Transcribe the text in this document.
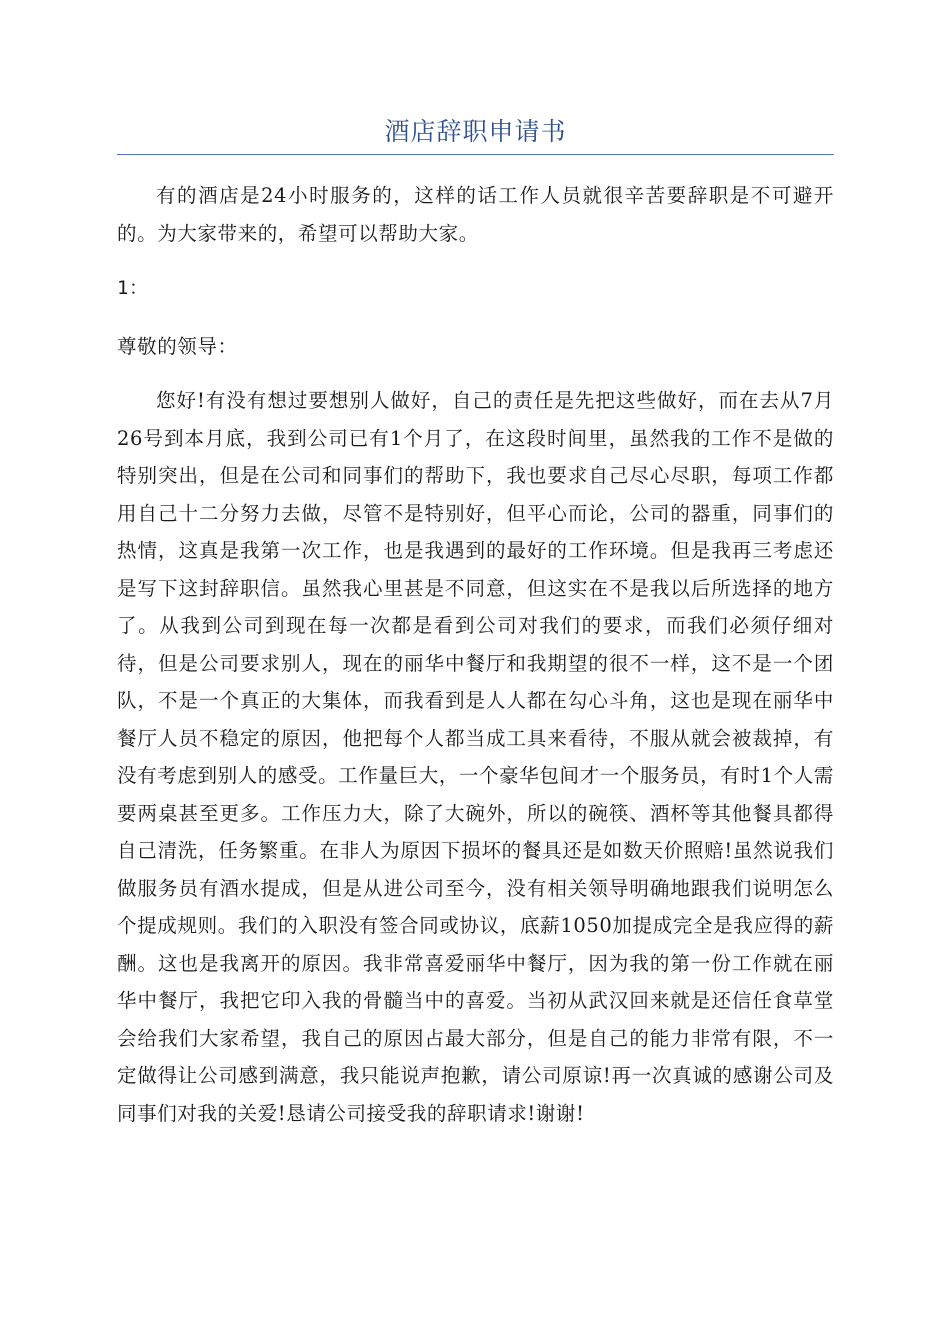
酒店辞职申请书

有的酒店是24小时服务的，这样的话工作人员就很辛苦要辞职是不可避开的。为大家带来的，希望可以帮助大家。

1：

尊敬的领导：

您好!有没有想过要想别人做好，自己的责任是先把这些做好，而在去从7月26号到本月底，我到公司已有1个月了，在这段时间里，虽然我的工作不是做的特别突出，但是在公司和同事们的帮助下，我也要求自己尽心尽职，每项工作都用自己十二分努力去做，尽管不是特别好，但平心而论，公司的器重，同事们的热情，这真是我第一次工作，也是我遇到的最好的工作环境。但是我再三考虑还是写下这封辞职信。虽然我心里甚是不同意，但这实在不是我以后所选择的地方了。从我到公司到现在每一次都是看到公司对我们的要求，而我们必须仔细对待，但是公司要求别人，现在的丽华中餐厅和我期望的很不一样，这不是一个团队，不是一个真正的大集体，而我看到是人人都在勾心斗角，这也是现在丽华中餐厅人员不稳定的原因，他把每个人都当成工具来看待，不服从就会被裁掉，有没有考虑到别人的感受。工作量巨大，一个豪华包间才一个服务员，有时1个人需要两桌甚至更多。工作压力大，除了大碗外，所以的碗筷、酒杯等其他餐具都得自己清洗，任务繁重。在非人为原因下损坏的餐具还是如数天价照赔!虽然说我们做服务员有酒水提成，但是从进公司至今，没有相关领导明确地跟我们说明怎么个提成规则。我们的入职没有签合同或协议，底薪1050加提成完全是我应得的薪酬。这也是我离开的原因。我非常喜爱丽华中餐厅，因为我的第一份工作就在丽华中餐厅，我把它印入我的骨髓当中的喜爱。当初从武汉回来就是还信任食草堂会给我们大家希望，我自己的原因占最大部分，但是自己的能力非常有限，不一定做得让公司感到满意，我只能说声抱歉，请公司原谅!再一次真诚的感谢公司及同事们对我的关爱!恳请公司接受我的辞职请求!谢谢!
